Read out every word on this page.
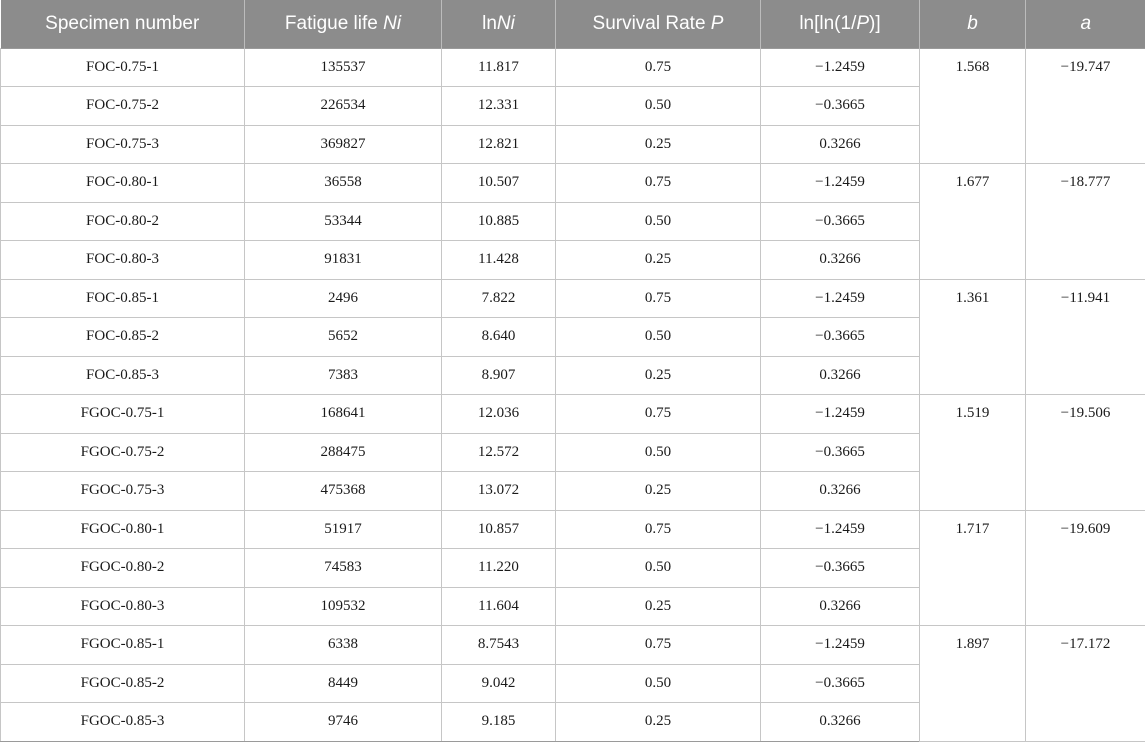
Specimen number	Fatigue life Ni	lnNi	Survival Rate P	ln[ln(1/P)]	b	a
FOC-0.75-1	135537	11.817	0.75	−1.2459	1.568	−19.747
FOC-0.75-2	226534	12.331	0.50	−0.3665		
FOC-0.75-3	369827	12.821	0.25	0.3266		
FOC-0.80-1	36558	10.507	0.75	−1.2459	1.677	−18.777
FOC-0.80-2	53344	10.885	0.50	−0.3665		
FOC-0.80-3	91831	11.428	0.25	0.3266		
FOC-0.85-1	2496	7.822	0.75	−1.2459	1.361	−11.941
FOC-0.85-2	5652	8.640	0.50	−0.3665		
FOC-0.85-3	7383	8.907	0.25	0.3266		
FGOC-0.75-1	168641	12.036	0.75	−1.2459	1.519	−19.506
FGOC-0.75-2	288475	12.572	0.50	−0.3665		
FGOC-0.75-3	475368	13.072	0.25	0.3266		
FGOC-0.80-1	51917	10.857	0.75	−1.2459	1.717	−19.609
FGOC-0.80-2	74583	11.220	0.50	−0.3665		
FGOC-0.80-3	109532	11.604	0.25	0.3266		
FGOC-0.85-1	6338	8.7543	0.75	−1.2459	1.897	−17.172
FGOC-0.85-2	8449	9.042	0.50	−0.3665		
FGOC-0.85-3	9746	9.185	0.25	0.3266		
